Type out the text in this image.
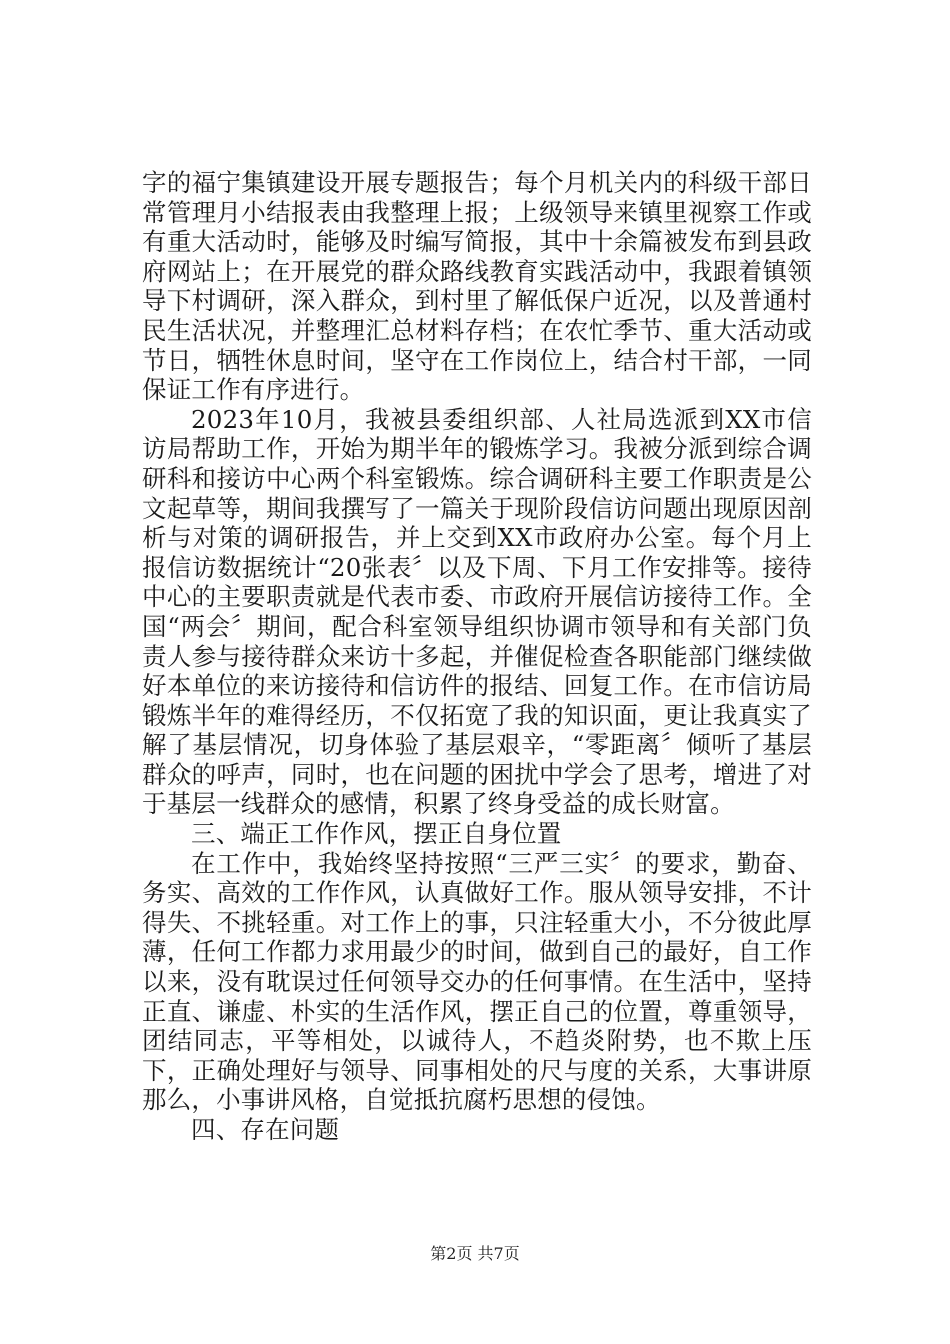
字的福宁集镇建设开展专题报告；每个月机关内的科级干部日常管理月小结报表由我整理上报；上级领导来镇里视察工作或有重大活动时，能够及时编写简报，其中十余篇被发布到县政府网站上；在开展党的群众路线教育实践活动中，我跟着镇领导下村调研，深入群众，到村里了解低保户近况，以及普通村民生活状况，并整理汇总材料存档；在农忙季节、重大活动或节日，牺牲休息时间，坚守在工作岗位上，结合村干部，一同保证工作有序进行。

2023年10月，我被县委组织部、人社局选派到XX市信访局帮助工作，开始为期半年的锻炼学习。我被分派到综合调研科和接访中心两个科室锻炼。综合调研科主要工作职责是公文起草等，期间我撰写了一篇关于现阶段信访问题出现原因剖析与对策的调研报告，并上交到XX市政府办公室。每个月上报信访数据统计“20张表〞以及下周、下月工作安排等。接待中心的主要职责就是代表市委、市政府开展信访接待工作。全国“两会〞期间，配合科室领导组织协调市领导和有关部门负责人参与接待群众来访十多起，并催促检查各职能部门继续做好本单位的来访接待和信访件的报结、回复工作。在市信访局锻炼半年的难得经历，不仅拓宽了我的知识面，更让我真实了解了基层情况，切身体验了基层艰辛，“零距离〞倾听了基层群众的呼声，同时，也在问题的困扰中学会了思考，增进了对于基层一线群众的感情，积累了终身受益的成长财富。

三、端正工作作风，摆正自身位置

在工作中，我始终坚持按照“三严三实〞的要求，勤奋、务实、高效的工作作风，认真做好工作。服从领导安排，不计得失、不挑轻重。对工作上的事，只注轻重大小，不分彼此厚薄，任何工作都力求用最少的时间，做到自己的最好，自工作以来，没有耽误过任何领导交办的任何事情。在生活中，坚持正直、谦虚、朴实的生活作风，摆正自己的位置，尊重领导，团结同志，平等相处，以诚待人，不趋炎附势，也不欺上压下，正确处理好与领导、同事相处的尺与度的关系，大事讲原那么，小事讲风格，自觉抵抗腐朽思想的侵蚀。

四、存在问题

第2页 共7页
